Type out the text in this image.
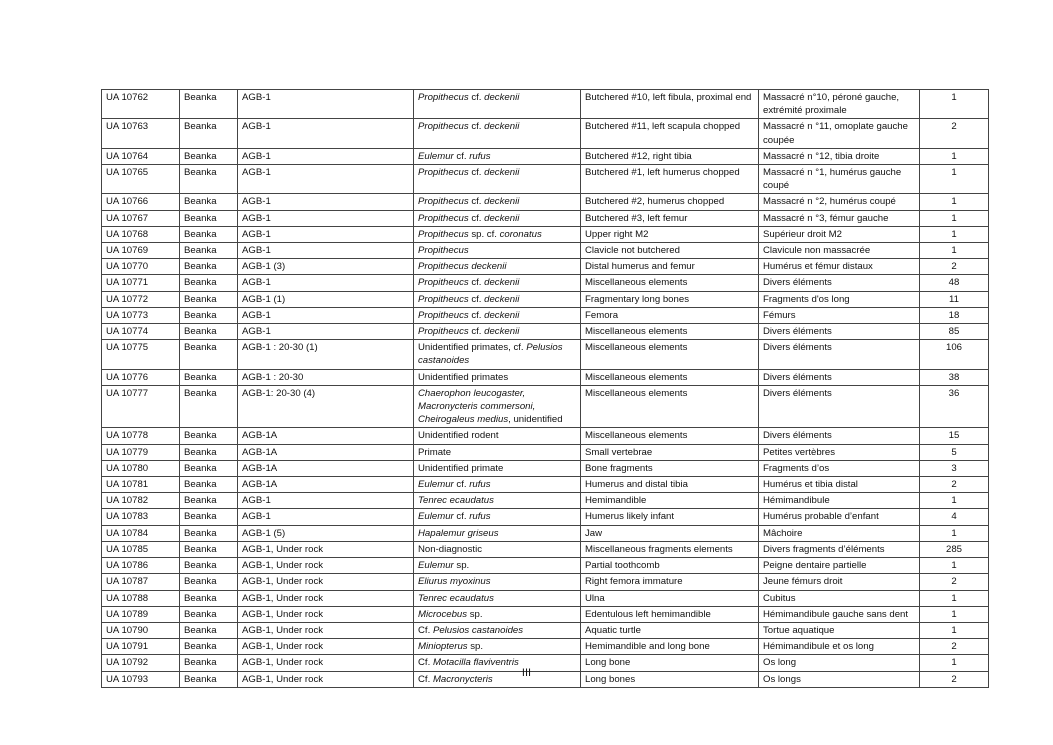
UA 10762	Beanka	AGB-1	Propithecus cf. deckenii	Butchered #10, left fibula, proximal end	Massacré n°10, péroné gauche, extrémité proximale	1
UA 10763	Beanka	AGB-1	Propithecus cf. deckenii	Butchered #11, left scapula chopped	Massacré n °11, omoplate gauche coupée	2
UA 10764	Beanka	AGB-1	Eulemur cf. rufus	Butchered #12, right tibia	Massacré n °12, tibia droite	1
UA 10765	Beanka	AGB-1	Propithecus cf. deckenii	Butchered #1, left humerus chopped	Massacré n °1, humérus gauche coupé	1
UA 10766	Beanka	AGB-1	Propithecus cf. deckenii	Butchered #2, humerus chopped	Massacré n °2, humérus coupé	1
UA 10767	Beanka	AGB-1	Propithecus cf. deckenii	Butchered #3, left femur	Massacré n °3, fémur gauche	1
UA 10768	Beanka	AGB-1	Propithecus sp. cf. coronatus	Upper right M2	Supérieur droit M2	1
UA 10769	Beanka	AGB-1	Propithecus	Clavicle not butchered	Clavicule non massacrée	1
UA 10770	Beanka	AGB-1 (3)	Propithecus deckenii	Distal humerus and femur	Humérus et fémur distaux	2
UA 10771	Beanka	AGB-1	Propitheucs cf. deckenii	Miscellaneous elements	Divers éléments	48
UA 10772	Beanka	AGB-1 (1)	Propitheucs cf. deckenii	Fragmentary long bones	Fragments d'os long	11
UA 10773	Beanka	AGB-1	Propitheucs cf. deckenii	Femora	Fémurs	18
UA 10774	Beanka	AGB-1	Propitheucs cf. deckenii	Miscellaneous elements	Divers éléments	85
UA 10775	Beanka	AGB-1 : 20-30 (1)	Unidentified primates, cf. Pelusios castanoides	Miscellaneous elements	Divers éléments	106
UA 10776	Beanka	AGB-1 : 20-30	Unidentified primates	Miscellaneous elements	Divers éléments	38
UA 10777	Beanka	AGB-1: 20-30 (4)	Chaerophon leucogaster, Macronycteris commersoni, Cheirogaleus medius, unidentified	Miscellaneous elements	Divers éléments	36
UA 10778	Beanka	AGB-1A	Unidentified rodent	Miscellaneous elements	Divers éléments	15
UA 10779	Beanka	AGB-1A	Primate	Small vertebrae	Petites vertèbres	5
UA 10780	Beanka	AGB-1A	Unidentified primate	Bone fragments	Fragments d’os	3
UA 10781	Beanka	AGB-1A	Eulemur cf. rufus	Humerus and distal tibia	Humérus et tibia distal	2
UA 10782	Beanka	AGB-1	Tenrec ecaudatus	Hemimandible	Hémimandibule	1
UA 10783	Beanka	AGB-1	Eulemur cf. rufus	Humerus likely infant	Humérus probable d’enfant	4
UA 10784	Beanka	AGB-1 (5)	Hapalemur griseus	Jaw	Mâchoire	1
UA 10785	Beanka	AGB-1, Under rock	Non-diagnostic	Miscellaneous fragments elements	Divers fragments d’éléments	285
UA 10786	Beanka	AGB-1, Under rock	Eulemur sp.	Partial toothcomb	Peigne dentaire partielle	1
UA 10787	Beanka	AGB-1, Under rock	Eliurus myoxinus	Right femora immature	Jeune fémurs droit	2
UA 10788	Beanka	AGB-1, Under rock	Tenrec ecaudatus	Ulna	Cubitus	1
UA 10789	Beanka	AGB-1, Under rock	Microcebus sp.	Edentulous left hemimandible	Hémimandibule gauche sans dent	1
UA 10790	Beanka	AGB-1, Under rock	Cf. Pelusios castanoides	Aquatic turtle	Tortue aquatique	1
UA 10791	Beanka	AGB-1, Under rock	Miniopterus sp.	Hemimandible and long bone	Hémimandibule et os long	2
UA 10792	Beanka	AGB-1, Under rock	Cf. Motacilla flaviventris	Long bone	Os long	1
UA 10793	Beanka	AGB-1, Under rock	Cf. Macronycteris	Long bones	Os longs	2
III
